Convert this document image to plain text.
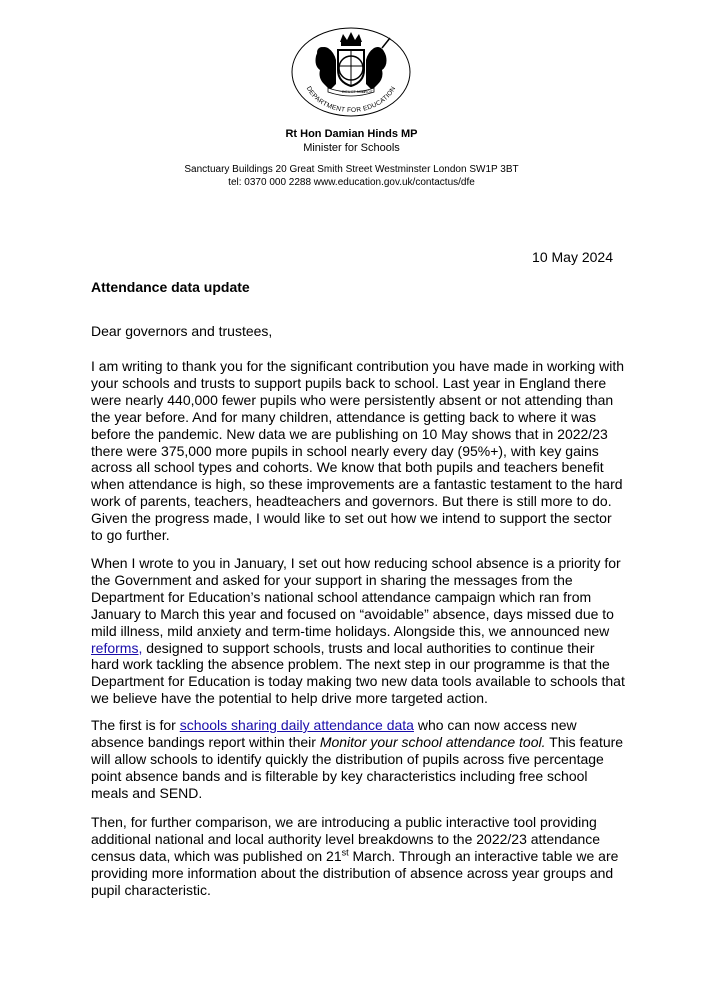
DIEU ET MON
DROIT
DEPARTMENT FOR EDUCATION
Rt Hon Damian Hinds MP
Minister for Schools
Sanctuary Buildings 20 Great Smith Street Westminster London SW1P 3BT
tel: 0370 000 2288 www.education.gov.uk/contactus/dfe
10 May 2024
Attendance data update
Dear governors and trustees,

I am writing to thank you for the significant contribution you have made in working with your schools and trusts to support pupils back to school. Last year in England there were nearly 440,000 fewer pupils who were persistently absent or not attending than the year before. And for many children, attendance is getting back to where it was before the pandemic. New data we are publishing on 10 May shows that in 2022/23 there were 375,000 more pupils in school nearly every day (95%+), with key gains across all school types and cohorts. We know that both pupils and teachers benefit when attendance is high, so these improvements are a fantastic testament to the hard work of parents, teachers, headteachers and governors. But there is still more to do. Given the progress made, I would like to set out how we intend to support the sector to go further.

When I wrote to you in January, I set out how reducing school absence is a priority for the Government and asked for your support in sharing the messages from the Department for Education’s national school attendance campaign which ran from January to March this year and focused on “avoidable” absence, days missed due to mild illness, mild anxiety and term-time holidays. Alongside this, we announced new reforms, designed to support schools, trusts and local authorities to continue their hard work tackling the absence problem. The next step in our programme is that the Department for Education is today making two new data tools available to schools that we believe have the potential to help drive more targeted action.

The first is for schools sharing daily attendance data who can now access new absence bandings report within their Monitor your school attendance tool. This feature will allow schools to identify quickly the distribution of pupils across five percentage point absence bands and is filterable by key characteristics including free school meals and SEND.

Then, for further comparison, we are introducing a public interactive tool providing additional national and local authority level breakdowns to the 2022/23 attendance census data, which was published on 21st March. Through an interactive table we are providing more information about the distribution of absence across year groups and pupil characteristic.
